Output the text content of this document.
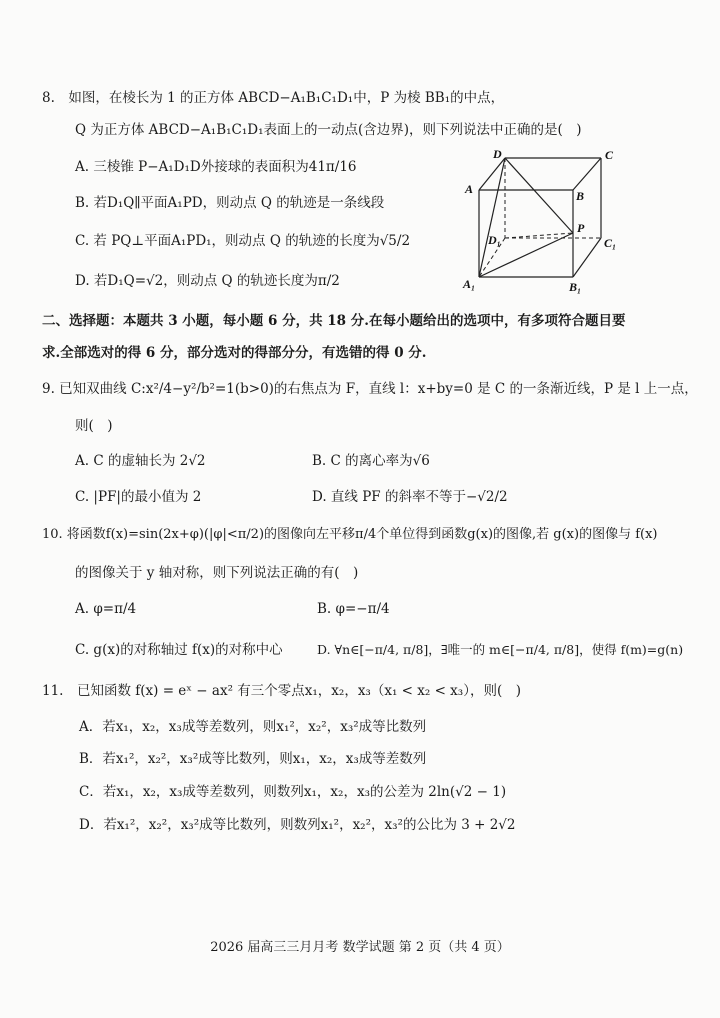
8.　如图，在棱长为 1 的正方体 ABCD−A₁B₁C₁D₁中，P 为棱 BB₁的中点，
Q 为正方体 ABCD−A₁B₁C₁D₁表面上的一动点(含边界)，则下列说法中正确的是(　)
A. 三棱锥 P−A₁D₁D外接球的表面积为41π/16
B. 若D₁Q∥平面A₁PD，则动点 Q 的轨迹是一条线段
C. 若 PQ⊥平面A₁PD₁，则动点 Q 的轨迹的长度为√5/2
D. 若D₁Q=√2，则动点 Q 的轨迹长度为π/2
D	C
A	B
P
D₁	C₁
A₁	B₁
二、选择题：本题共 3 小题，每小题 6 分，共 18 分.在每小题给出的选项中，有多项符合题目要
求.全部选对的得 6 分，部分选对的得部分分，有选错的得 0 分.
9. 已知双曲线 C:x²/4−y²/b²=1(b>0)的右焦点为 F，直线 l：x+by=0 是 C 的一条渐近线，P 是 l 上一点，
则(　)
A. C 的虚轴长为 2√2	B. C 的离心率为√6
C. |PF|的最小值为 2	D. 直线 PF 的斜率不等于−√2/2
10. 将函数f(x)=sin(2x+φ)(|φ|<π/2)的图像向左平移π/4个单位得到函数g(x)的图像,若 g(x)的图像与 f(x)
的图像关于 y 轴对称，则下列说法正确的有(　)
A. φ=π/4	B. φ=−π/4
C. g(x)的对称轴过 f(x)的对称中心	D. ∀n∈[−π/4, π/8]，∃唯一的 m∈[−π/4, π/8]，使得 f(m)=g(n)
11.　已知函数 f(x) = eˣ − ax² 有三个零点x₁，x₂，x₃（x₁ < x₂ < x₃），则(　)
A．若x₁，x₂，x₃成等差数列，则x₁²，x₂²，x₃²成等比数列
B．若x₁²，x₂²，x₃²成等比数列，则x₁，x₂，x₃成等差数列
C．若x₁，x₂，x₃成等差数列，则数列x₁，x₂，x₃的公差为 2ln(√2 − 1)
D．若x₁²，x₂²，x₃²成等比数列，则数列x₁²，x₂²，x₃²的公比为 3 + 2√2
2026 届高三三月月考 数学试题 第 2 页（共 4 页）
